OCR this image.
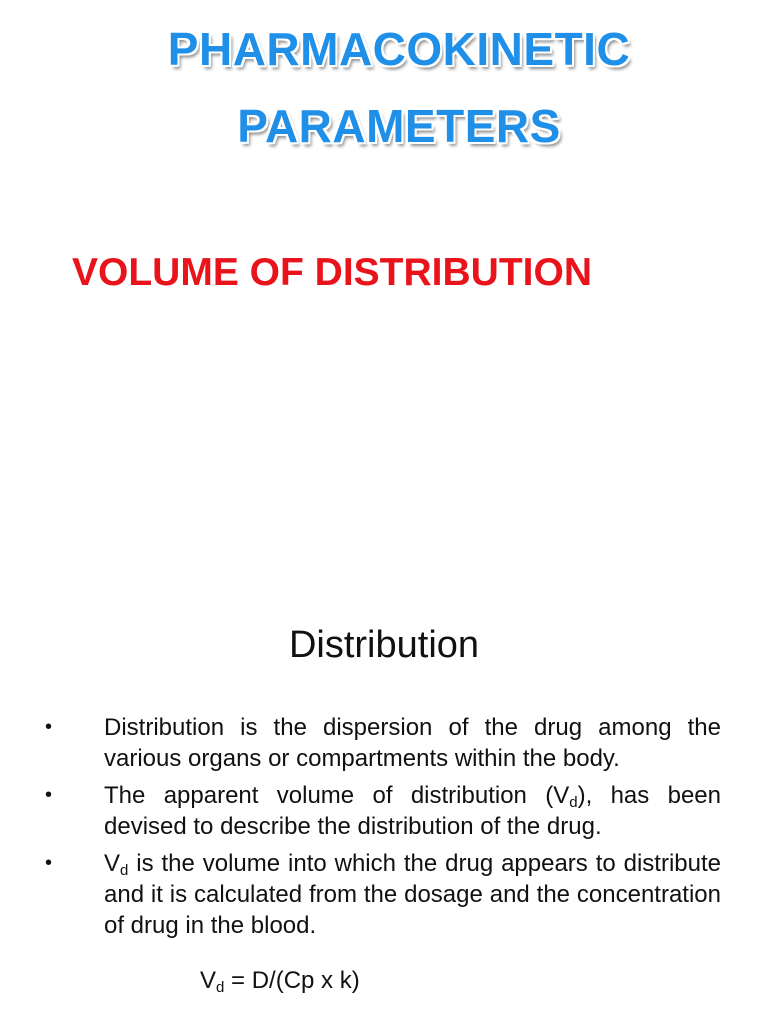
PHARMACOKINETIC
PARAMETERS
VOLUME OF DISTRIBUTION
Distribution
• Distribution is the dispersion of the drug among the various organs or compartments within the body.
• The apparent volume of distribution $(V_d)$, has been devised to describe the distribution of the drug.
• $V_d$ is the volume into which the drug appears to distribute and it is calculated from the dosage and the concentration of drug in the blood.
$V_d = D/(Cp$ x k)
